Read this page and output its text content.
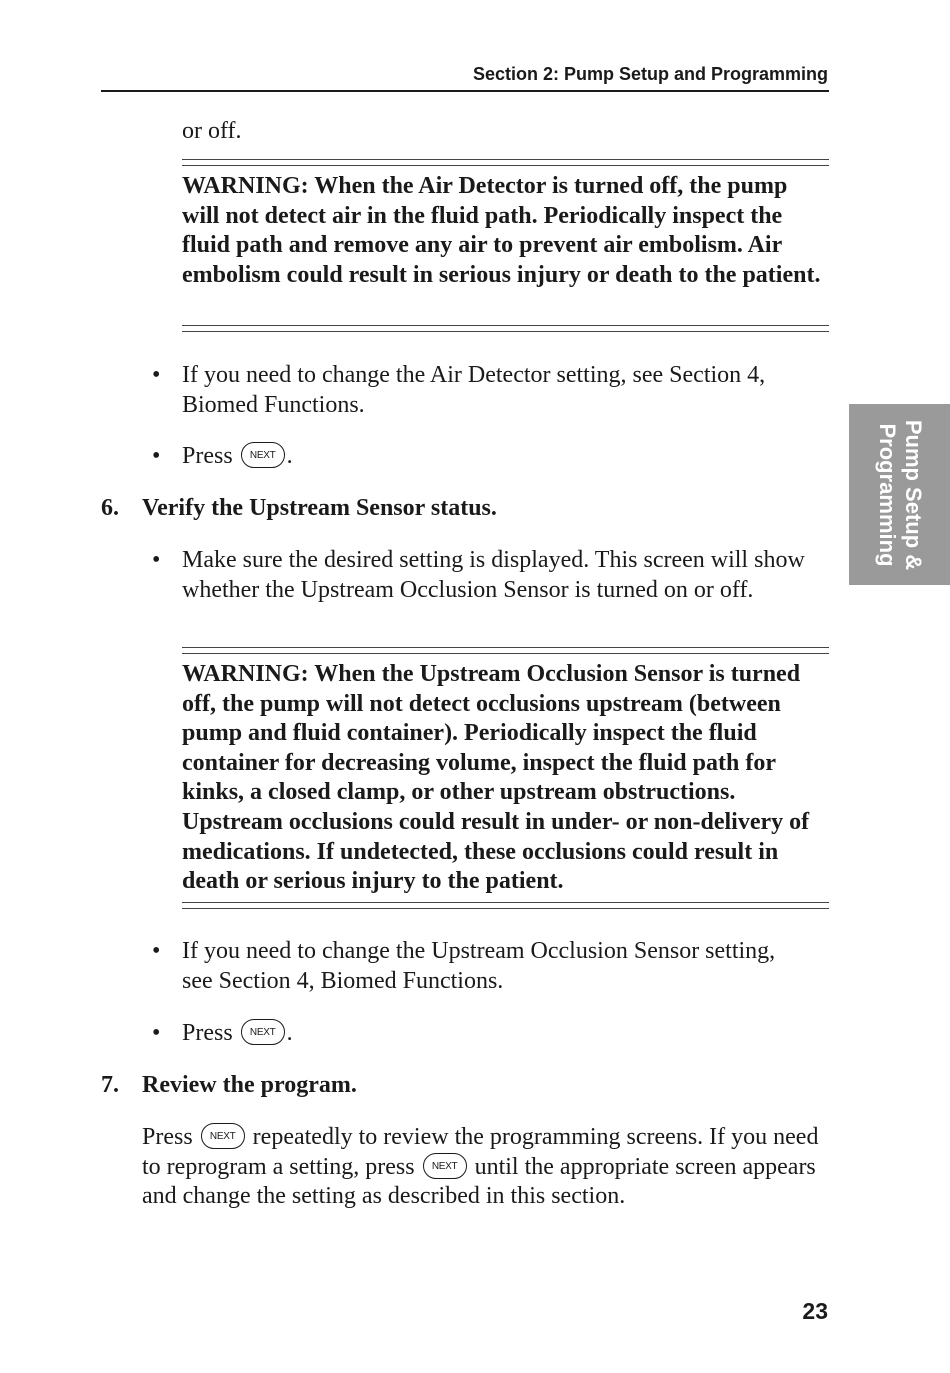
Section 2: Pump Setup and Programming
Pump Setup &
Programming

or off.

WARNING: When the Air Detector is turned off, the pump will not detect air in the fluid path. Periodically inspect the fluid path and remove any air to prevent air embolism. Air embolism could result in serious injury or death to the patient.

• If you need to change the Air Detector setting, see Section 4, Biomed Functions.

• Press NEXT .

6. Verify the Upstream Sensor status.
• Make sure the desired setting is displayed. This screen will show whether the Upstream Occlusion Sensor is turned on or off.

WARNING: When the Upstream Occlusion Sensor is turned off, the pump will not detect occlusions upstream (between pump and fluid container). Periodically inspect the fluid container for decreasing volume, inspect the fluid path for kinks, a closed clamp, or other upstream obstructions. Upstream occlusions could result in under- or non-delivery of medications. If undetected, these occlusions could result in death or serious injury to the patient.

• If you need to change the Upstream Occlusion Sensor setting, see Section 4, Biomed Functions.

• Press NEXT .

7. Review the program.

Press NEXT repeatedly to review the programming screens. If you need to reprogram a setting, press NEXT until the appropriate screen appears and change the setting as described in this section.

23
